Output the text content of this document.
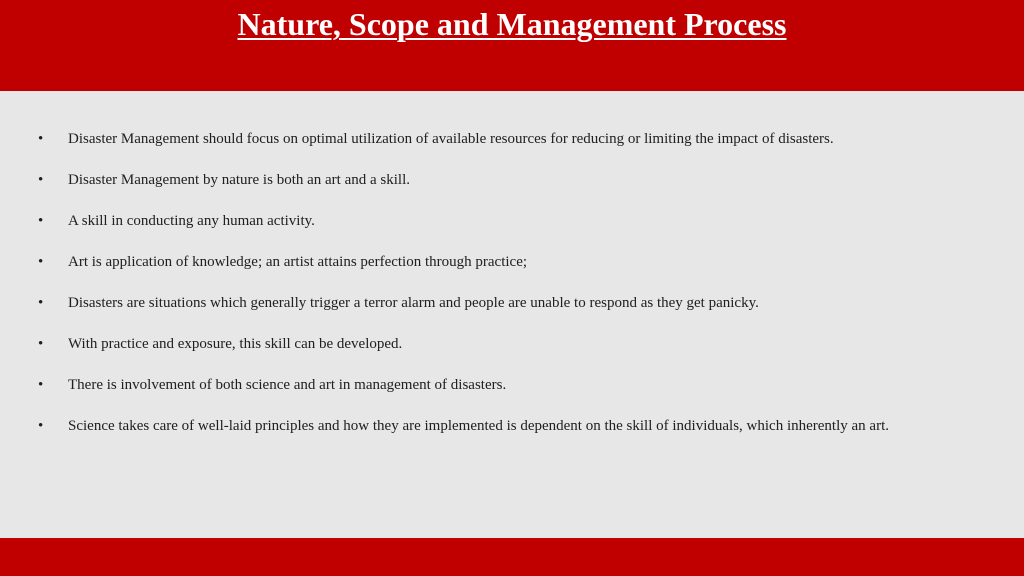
Nature, Scope and Management Process
• Disaster Management should focus on optimal utilization of available resources for reducing or limiting the impact of disasters.
• Disaster Management by nature is both an art and a skill.
• A skill in conducting any human activity.
• Art is application of knowledge; an artist attains perfection through practice;
• Disasters are situations which generally trigger a terror alarm and people are unable to respond as they get panicky.
• With practice and exposure, this skill can be developed.
• There is involvement of both science and art in management of disasters.
• Science takes care of well-laid principles and how they are implemented is dependent on the skill of individuals, which inherently an art.
